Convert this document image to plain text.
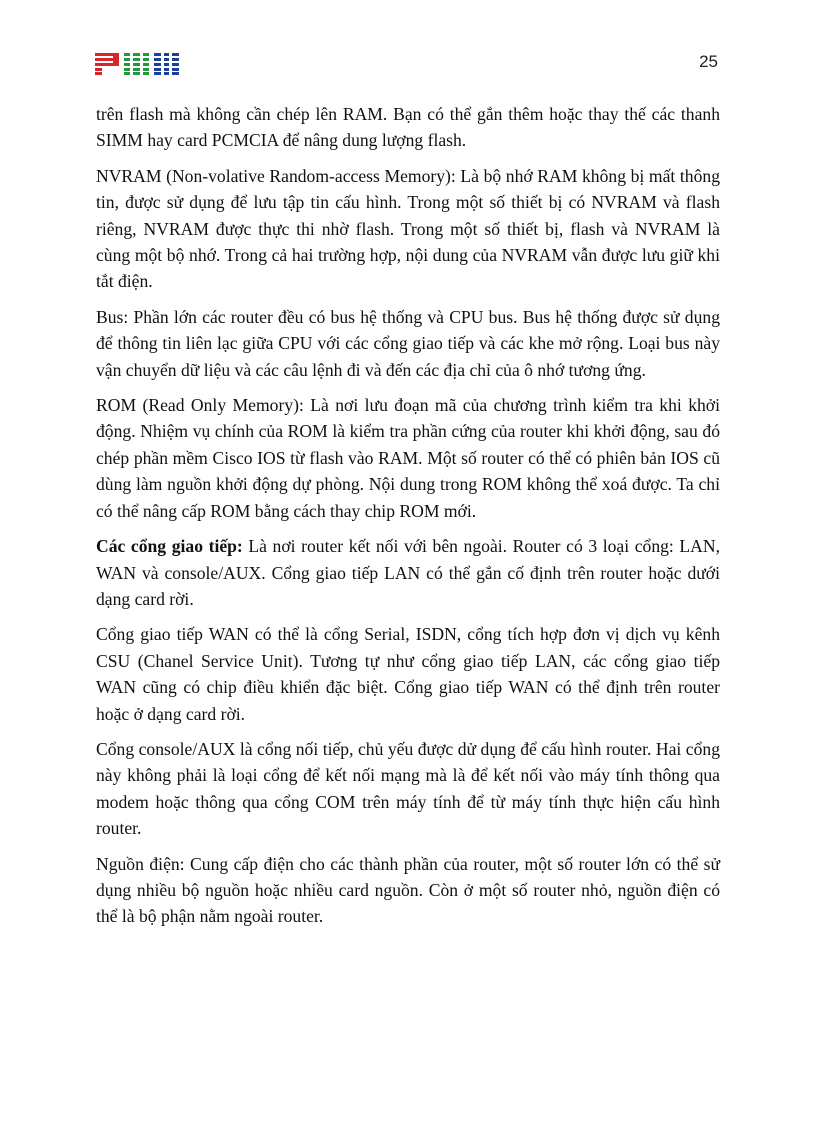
25

trên flash mà không cần chép lên RAM. Bạn có thể gắn thêm hoặc thay thế các thanh SIMM hay card PCMCIA để nâng dung lượng flash.

NVRAM (Non-volative Random-access Memory): Là bộ nhớ RAM không bị mất thông tin, được sử dụng để lưu tập tin cấu hình. Trong một số thiết bị có NVRAM và flash riêng, NVRAM được thực thi nhờ flash. Trong một số thiết bị, flash và NVRAM là cùng một bộ nhớ. Trong cả hai trường hợp, nội dung của NVRAM vẫn được lưu giữ khi tắt điện.

Bus: Phần lớn các router đều có bus hệ thống và CPU bus. Bus hệ thống được sử dụng để thông tin liên lạc giữa CPU với các cổng giao tiếp và các khe mở rộng. Loại bus này vận chuyển dữ liệu và các câu lệnh đi và đến các địa chỉ của ô nhớ tương ứng.

ROM (Read Only Memory): Là nơi lưu đoạn mã của chương trình kiểm tra khi khởi động. Nhiệm vụ chính của ROM là kiểm tra phần cứng của router khi khởi động, sau đó chép phần mềm Cisco IOS từ flash vào RAM. Một số router có thể có phiên bản IOS cũ dùng làm nguồn khởi động dự phòng. Nội dung trong ROM không thể xoá được. Ta chỉ có thể nâng cấp ROM bằng cách thay chip ROM mới.

Các cổng giao tiếp: Là nơi router kết nối với bên ngoài. Router có 3 loại cổng: LAN, WAN và console/AUX. Cổng giao tiếp LAN có thể gắn cố định trên router hoặc dưới dạng card rời.

Cổng giao tiếp WAN có thể là cổng Serial, ISDN, cổng tích hợp đơn vị dịch vụ kênh CSU (Chanel Service Unit). Tương tự như cổng giao tiếp LAN, các cổng giao tiếp WAN cũng có chip điều khiển đặc biệt. Cổng giao tiếp WAN có thể định trên router hoặc ở dạng card rời.

Cổng console/AUX là cổng nối tiếp, chủ yếu được dử dụng để cấu hình router. Hai cổng này không phải là loại cổng để kết nối mạng mà là để kết nối vào máy tính thông qua modem hoặc thông qua cổng COM trên máy tính để từ máy tính thực hiện cấu hình router.

Nguồn điện: Cung cấp điện cho các thành phần của router, một số router lớn có thể sử dụng nhiều bộ nguồn hoặc nhiều card nguồn. Còn ở một số router nhỏ, nguồn điện có thể là bộ phận nằm ngoài router.
